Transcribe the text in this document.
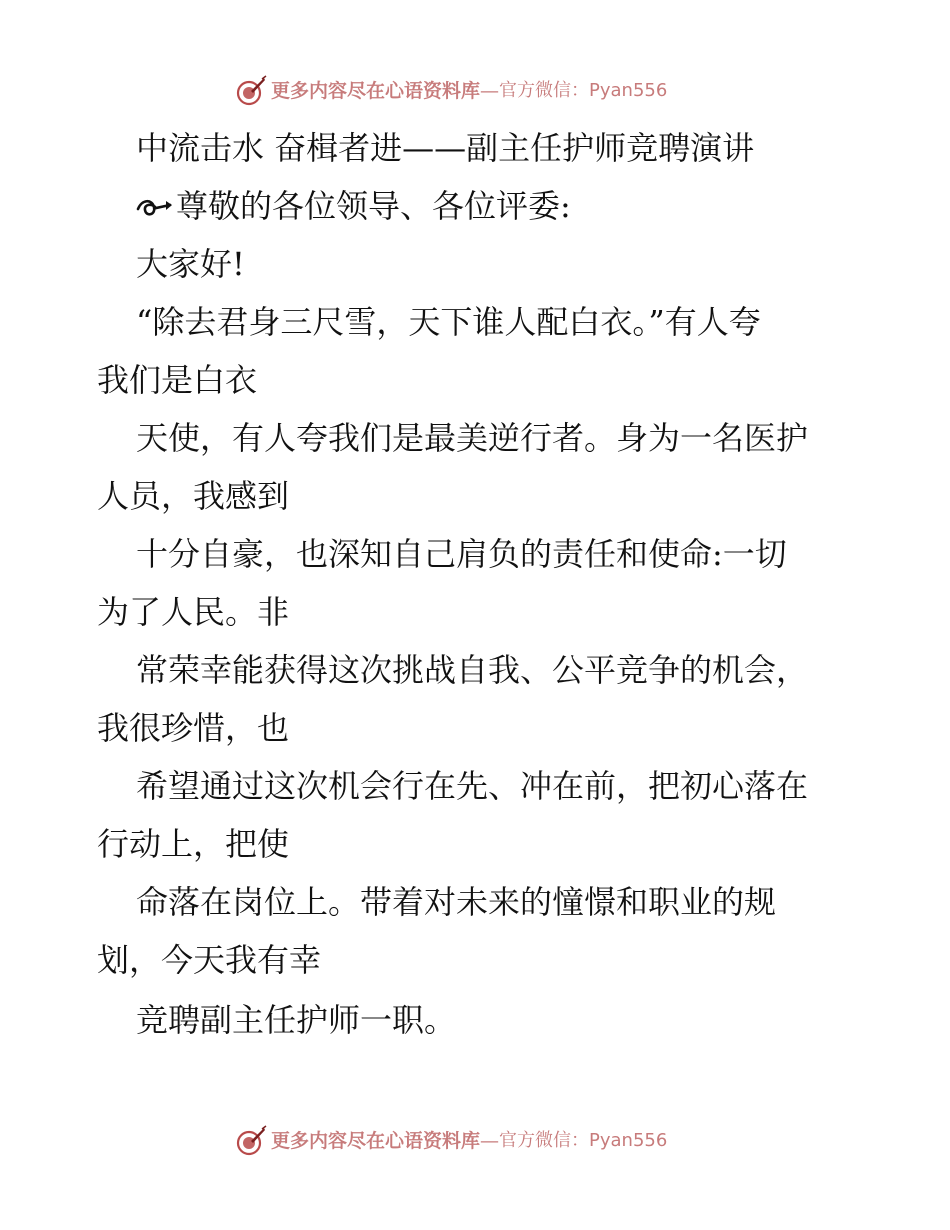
更多内容尽在心语资料库 — 官方微信：Pyan556
中流击水 奋楫者进——副主任护师竞聘演讲
尊敬的各位领导、各位评委:
大家好!
“除去君身三尺雪，天下谁人配白衣。”有人夸
我们是白衣
天使，有人夸我们是最美逆行者。身为一名医护
人员，我感到
十分自豪，也深知自己肩负的责任和使命:一切
为了人民。非
常荣幸能获得这次挑战自我、公平竞争的机会，
我很珍惜，也
希望通过这次机会行在先、冲在前，把初心落在
行动上，把使
命落在岗位上。带着对未来的憧憬和职业的规
划，今天我有幸
竞聘副主任护师一职。
更多内容尽在心语资料库 — 官方微信：Pyan556
